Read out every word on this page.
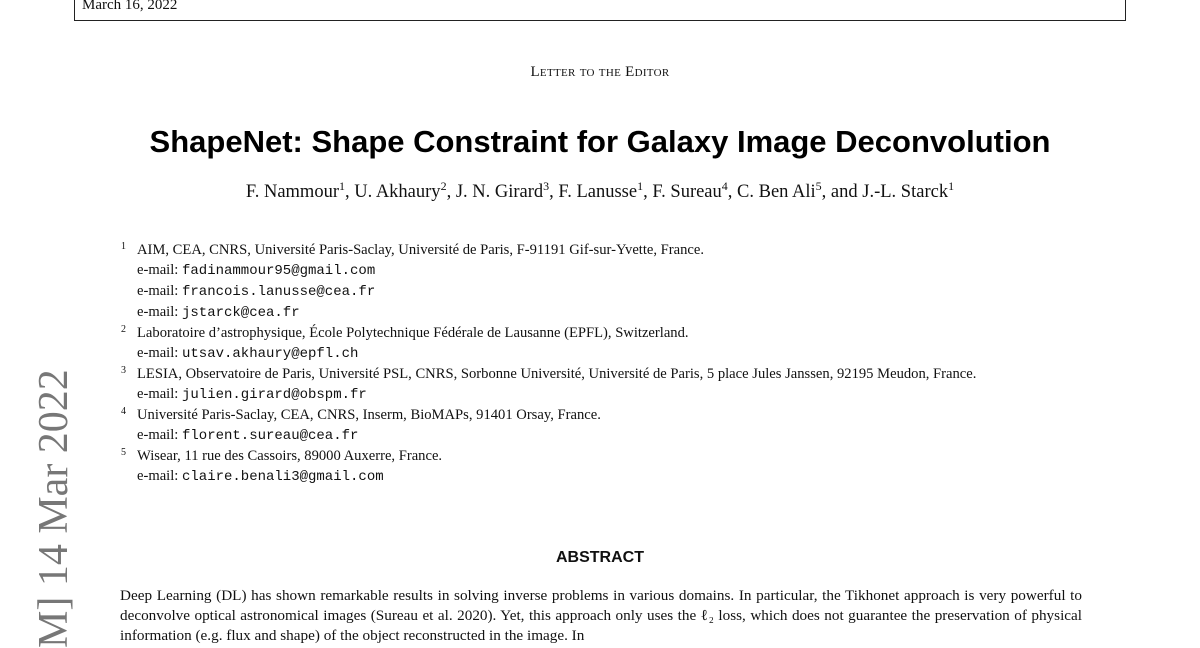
March 16, 2022
Letter to the Editor
ShapeNet: Shape Constraint for Galaxy Image Deconvolution
F. Nammour$^1$, U. Akhaury$^2$, J. N. Girard$^3$, F. Lanusse$^1$, F. Sureau$^4$, C. Ben Ali$^5$, and J.-L. Starck$^1$
1 AIM, CEA, CNRS, Université Paris-Saclay, Université de Paris, F-91191 Gif-sur-Yvette, France.
e-mail: fadinammour95@gmail.com
e-mail: francois.lanusse@cea.fr
e-mail: jstarck@cea.fr
2 Laboratoire d’astrophysique, École Polytechnique Fédérale de Lausanne (EPFL), Switzerland.
e-mail: utsav.akhaury@epfl.ch
3 LESIA, Observatoire de Paris, Université PSL, CNRS, Sorbonne Université, Université de Paris, 5 place Jules Janssen, 92195 Meudon, France.
e-mail: julien.girard@obspm.fr
4 Université Paris-Saclay, CEA, CNRS, Inserm, BioMAPs, 91401 Orsay, France.
e-mail: florent.sureau@cea.fr
5 Wisear, 11 rue des Cassoirs, 89000 Auxerre, France.
e-mail: claire.benali3@gmail.com
ABSTRACT

Deep Learning (DL) has shown remarkable results in solving inverse problems in various domains. In particular, the Tikhonet approach is very powerful to deconvolve optical astronomical images (Sureau et al. 2020). Yet, this approach only uses the ℓ₂ loss, which does not guarantee the preservation of physical information (e.g. flux and shape) of the object reconstructed in the image. In

M] 14 Mar 2022
